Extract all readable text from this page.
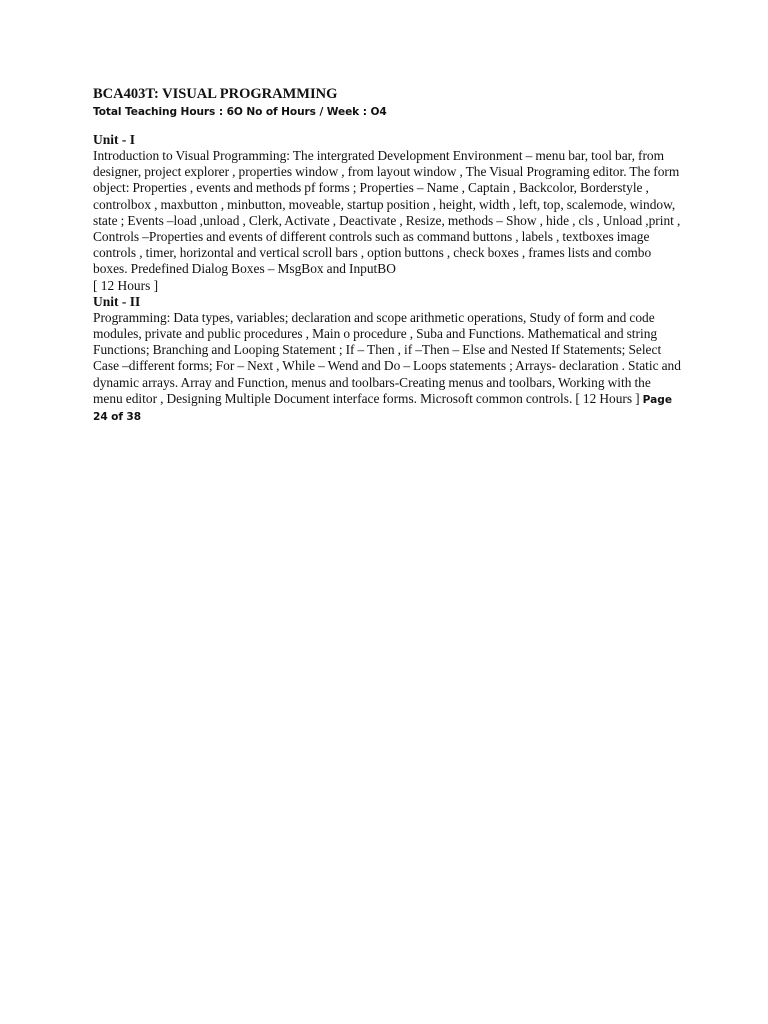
BCA403T: VISUAL PROGRAMMING

Total Teaching Hours : 6O No of Hours / Week : O4

Unit - I

Introduction to Visual Programming: The intergrated Development Environment – menu bar, tool bar, from designer, project explorer , properties window , from layout window , The Visual Programing editor. The form object: Properties , events and methods pf forms ; Properties – Name , Captain , Backcolor, Borderstyle , controlbox , maxbutton , minbutton, moveable, startup position , height, width , left, top, scalemode, window, state ; Events –load ,unload , Clerk, Activate , Deactivate , Resize, methods – Show , hide , cls , Unload ,print , Controls –Properties and events of different controls such as command buttons , labels , textboxes image controls , timer, horizontal and vertical scroll bars , option buttons , check boxes , frames lists and combo boxes. Predefined Dialog Boxes – MsgBox and InputBO

[ 12 Hours ]

Unit - II

Programming: Data types, variables; declaration and scope arithmetic operations, Study of form and code modules, private and public procedures , Main o procedure , Suba and Functions. Mathematical and string Functions; Branching and Looping Statement ; If – Then , if –Then – Else and Nested If Statements; Select Case –different forms; For – Next , While – Wend and Do – Loops statements ; Arrays- declaration . Static and dynamic arrays. Array and Function, menus and toolbars-Creating menus and toolbars, Working with the menu editor , Designing Multiple Document interface forms. Microsoft common controls. [ 12 Hours ] Page 24 of 38
